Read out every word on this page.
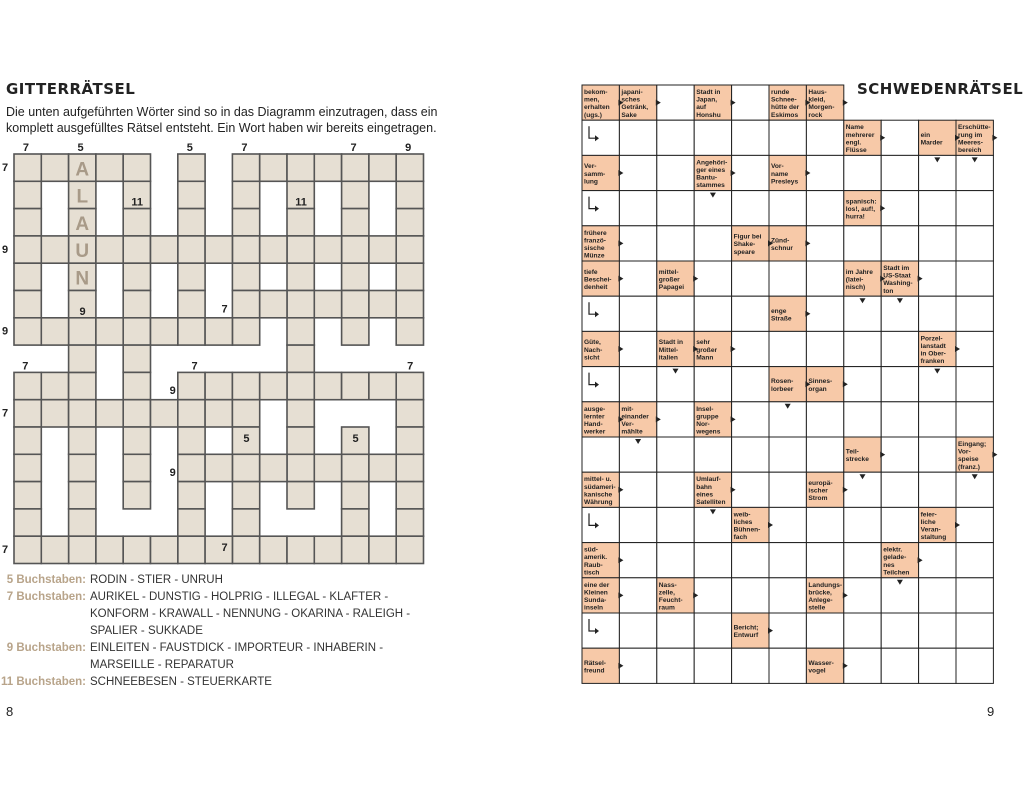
GITTERRÄTSEL
Die unten aufgeführten Wörter sind so in das Diagramm einzutragen, dass ein komplett ausgefülltes Rätsel entsteht. Ein Wort haben wir bereits eingetragen.
A
L
A
U
N
7	5	5	7	7	9
11	11
9	7
7	7	7
9
5	5
9
7
7
9
9
7
7
5 Buchstaben: RODIN - STIER - UNRUH
7 Buchstaben: AURIKEL - DUNSTIG - HOLPRIG - ILLEGAL - KLAFTER -
KONFORM - KRAWALL - NENNUNG - OKARINA - RALEIGH -
SPALIER - SUKKADE
9 Buchstaben: EINLEITEN - FAUSTDICK - IMPORTEUR - INHABERIN -
MARSEILLE - REPARATUR
11 Buchstaben: SCHNEEBESEN - STEUERKARTE
8
SCHWEDENRÄTSEL
bekom-men, erhalten (ugs.)
japani-sches Getränk, Sake
Stadt in Japan, auf Honshu
runde Schnee-hütte der Eskimos
Haus-kleid, Morgen-rock
Name mehrerer engl. Flüsse
ein Marder
Erschütte-rung im Meeres-bereich
Ver-samm-lung
Angehöri-ger eines Bantu-stammes
Vor-name Presleys
spanisch: los!, auf!, hurra!
frühere franzö-sische Münze
Figur bei Shake-speare
Zünd-schnur
tiefe Beschei-denheit
mittel-großer Papagei
im Jahre (latei-nisch)
Stadt im US-Staat Washing-ton
enge Straße
Güte, Nach-sicht
Stadt in Mittel-italien
sehr großer Mann
Porzel-lanstadt in Ober-franken
Rosen-lorbeer
Sinnes-organ
ausge-lernter Hand-werker
mit-einander Ver-mählte
Insel-gruppe Nor-wegens
Teil-strecke
Eingang; Vor-speise (franz.)
mittel- u. südameri-kanische Währung
Umlauf-bahn eines Satelliten
europä-ischer Strom
weib-liches Bühnen-fach
feier-liche Veran-staltung
süd-amerik. Raub-tisch
elektr. gelade-nes Teilchen
eine der Kleinen Sunda-inseln
Nass-zelle, Feucht-raum
Landungs-brücke, Anlege-stelle
Bericht; Entwurf
Rätsel-freund
Wasser-vogel
9
